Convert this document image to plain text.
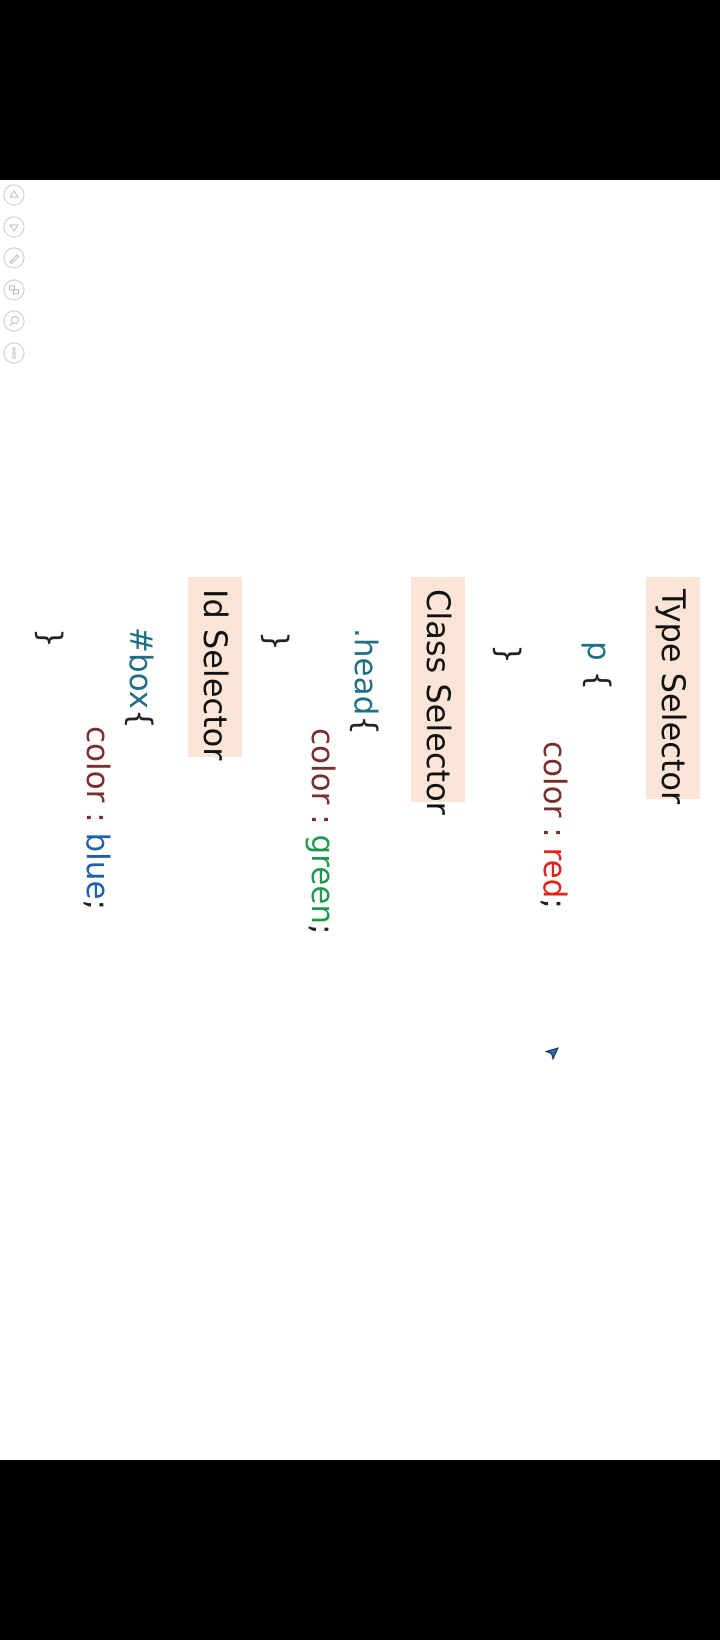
Type Selector
p {
color : red;
}
Class Selector
.head{
color : green;
}
Id Selector
#box{
color : blue;
}
